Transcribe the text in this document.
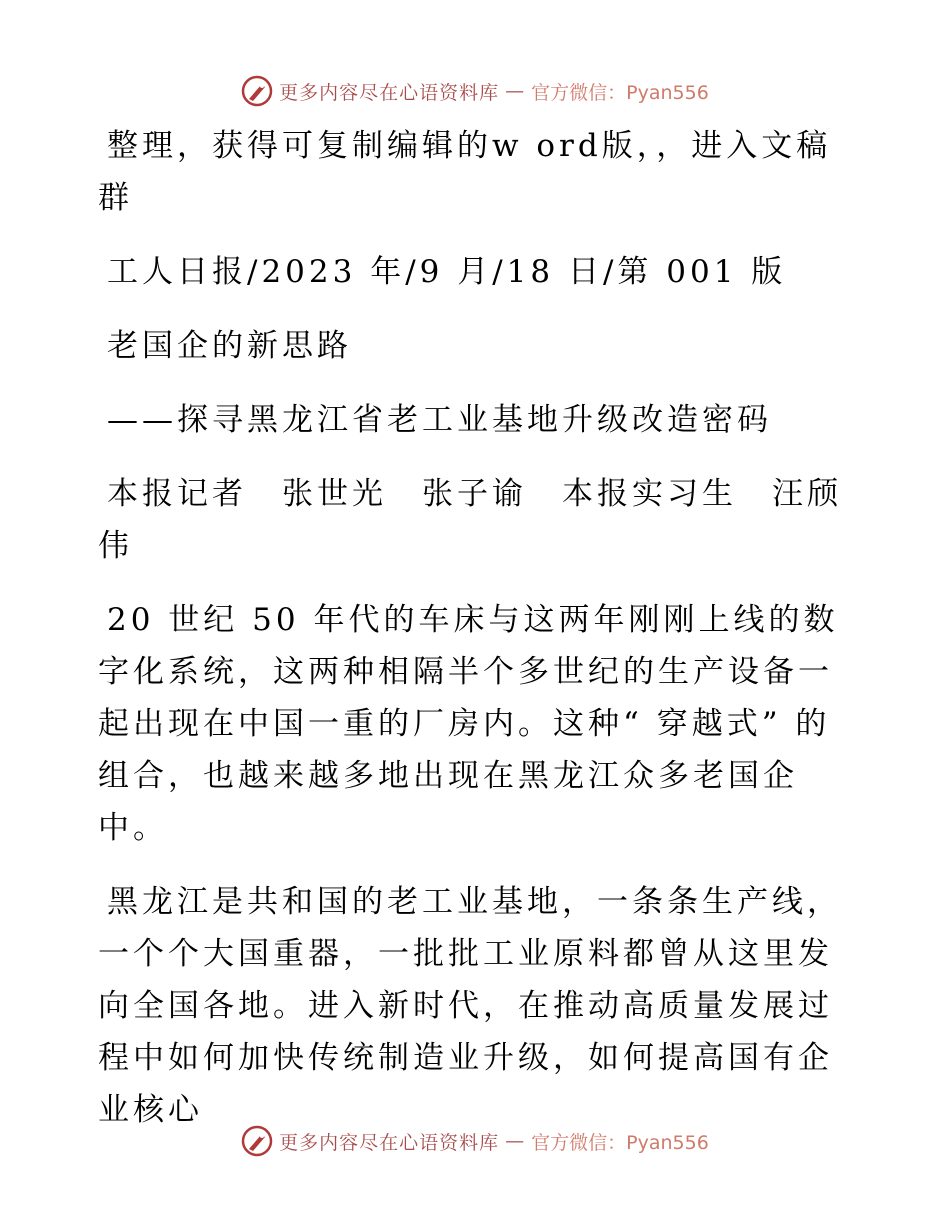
更多内容尽在心语资料库 — 官方微信：Pyan556

整理，获得可复制编辑的w ord版，，进入文稿群

工人日报/2023 年/9 月/18 日/第 001 版

老国企的新思路

——探寻黑龙江省老工业基地升级改造密码

本报记者　张世光　张子谕　本报实习生　汪颀伟

20 世纪 50 年代的车床与这两年刚刚上线的数字化系统，这两种相隔半个多世纪的生产设备一起出现在中国一重的厂房内。这种“ 穿越式” 的组合，也越来越多地出现在黑龙江众多老国企中。

黑龙江是共和国的老工业基地，一条条生产线，一个个大国重器，一批批工业原料都曾从这里发向全国各地。进入新时代，在推动高质量发展过程中如何加快传统制造业升级，如何提高国有企业核心

更多内容尽在心语资料库 — 官方微信：Pyan556
